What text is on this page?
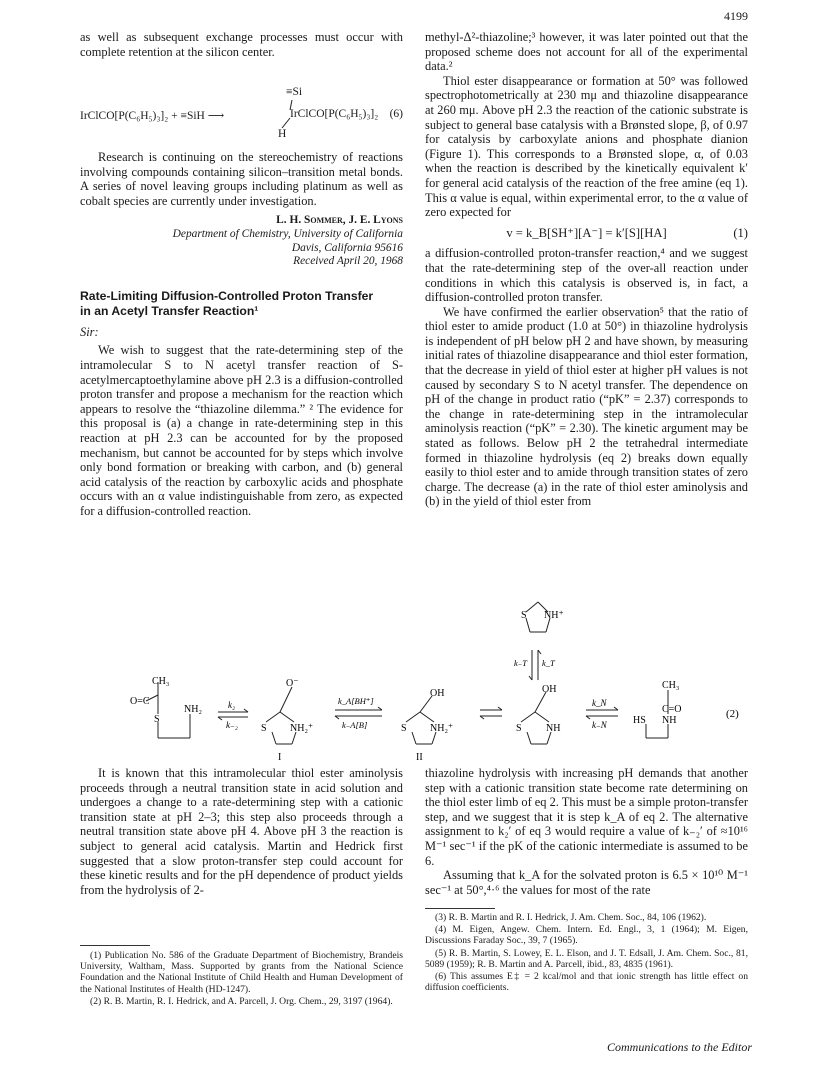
4199

as well as subsequent exchange processes must occur with complete retention at the silicon center.

IrClCO[P(C₆H₅)₃]₂ + ≡SiH ⟶
≡Si
IrClCO[P(C₆H₅)₃]₂
H
(6)

Research is continuing on the stereochemistry of reactions involving compounds containing silicon–transition metal bonds. A series of novel leaving groups including platinum as well as cobalt species are currently under investigation.

L. H. Sommer, J. E. Lyons
Department of Chemistry, University of California
Davis, California 95616
Received April 20, 1968
Rate-Limiting Diffusion-Controlled Proton Transfer
in an Acetyl Transfer Reaction¹

Sir:

We wish to suggest that the rate-determining step of the intramolecular S to N acetyl transfer reaction of S-acetylmercaptoethylamine above pH 2.3 is a diffusion-controlled proton transfer and propose a mechanism for the reaction which appears to resolve the “thiazoline dilemma.” ² The evidence for this proposal is (a) a change in rate-determining step in this reaction at pH 2.3 can be accounted for by the proposed mechanism, but cannot be accounted for by steps which involve only bond formation or breaking with carbon, and (b) general acid catalysis of the reaction by carboxylic acids and phosphate occurs with an α value indistinguishable from zero, as expected for a diffusion-controlled reaction.

methyl-Δ²-thiazoline;³ however, it was later pointed out that the proposed scheme does not account for all of the experimental data.²

Thiol ester disappearance or formation at 50° was followed spectrophotometrically at 230 mμ and thiazoline disappearance at 260 mμ. Above pH 2.3 the reaction of the cationic substrate is subject to general base catalysis with a Brønsted slope, β, of 0.97 for catalysis by carboxylate anions and phosphate dianion (Figure 1). This corresponds to a Brønsted slope, α, of 0.03 when the reaction is described by the kinetically equivalent k′ for general acid catalysis of the reaction of the free amine (eq 1). This α value is equal, within experimental error, to the α value of zero expected for

v = k_B[SH⁺][A⁻] = k′[S][HA]	(1)

a diffusion-controlled proton-transfer reaction,⁴ and we suggest that the rate-determining step of the over-all reaction under conditions in which this catalysis is observed is, in fact, a diffusion-controlled proton transfer.

We have confirmed the earlier observation⁵ that the ratio of thiol ester to amide product (1.0 at 50°) in thiazoline hydrolysis is independent of pH below pH 2 and have shown, by measuring initial rates of thiazoline disappearance and thiol ester formation, that the decrease in yield of thiol ester at higher pH values is not caused by secondary S to N acetyl transfer. The dependence on pH of the change in product ratio (“pK” = 2.37) corresponds to the change in rate-determining step in the intramolecular aminolysis reaction (“pK” = 2.30). The kinetic argument may be stated as follows. Below pH 2 the tetrahedral intermediate formed in thiazoline hydrolysis (eq 2) breaks down equally easily to thiol ester and to amide through transition states of zero charge. The decrease (a) in the rate of thiol ester aminolysis and (b) in the yield of thiol ester from

CH₃
O=C
S
NH₂	k₂
k₋₂
O⁻
S NH₂⁺
I
k_A[BH⁺]
k₋A[B]
OH
S NH₂⁺
II
OH
S NH
k₋T k_T
S NH⁺
k_N
k₋N	HS
CH₃
C=O
NH
(2)

It is known that this intramolecular thiol ester aminolysis proceeds through a neutral transition state in acid solution and undergoes a change to a rate-determining step with a cationic transition state at pH 2–3; this step also proceeds through a neutral transition state above pH 4. Above pH 3 the reaction is subject to general acid catalysis. Martin and Hedrick first suggested that a slow proton-transfer step could account for these kinetic results and for the pH dependence of product yields from the hydrolysis of 2-

(1) Publication No. 586 of the Graduate Department of Biochemistry, Brandeis University, Waltham, Mass. Supported by grants from the National Science Foundation and the National Institute of Child Health and Human Development of the National Institutes of Health (HD-1247).

(2) R. B. Martin, R. I. Hedrick, and A. Parcell, J. Org. Chem., 29, 3197 (1964).

thiazoline hydrolysis with increasing pH demands that another step with a cationic transition state become rate determining on the thiol ester limb of eq 2. This must be a simple proton-transfer step, and we suggest that it is step k_A of eq 2. The alternative assignment to k₂′ of eq 3 would require a value of k₋₂′ of ≈10¹⁶ M⁻¹ sec⁻¹ if the pK of the cationic intermediate is assumed to be 6.

Assuming that k_A for the solvated proton is 6.5 × 10¹⁰ M⁻¹ sec⁻¹ at 50°,⁴·⁶ the values for most of the rate

(3) R. B. Martin and R. I. Hedrick, J. Am. Chem. Soc., 84, 106 (1962).

(4) M. Eigen, Angew. Chem. Intern. Ed. Engl., 3, 1 (1964); M. Eigen, Discussions Faraday Soc., 39, 7 (1965).

(5) R. B. Martin, S. Lowey, E. L. Elson, and J. T. Edsall, J. Am. Chem. Soc., 81, 5089 (1959); R. B. Martin and A. Parcell, ibid., 83, 4835 (1961).

(6) This assumes E‡ = 2 kcal/mol and that ionic strength has little effect on diffusion coefficients.

Communications to the Editor
